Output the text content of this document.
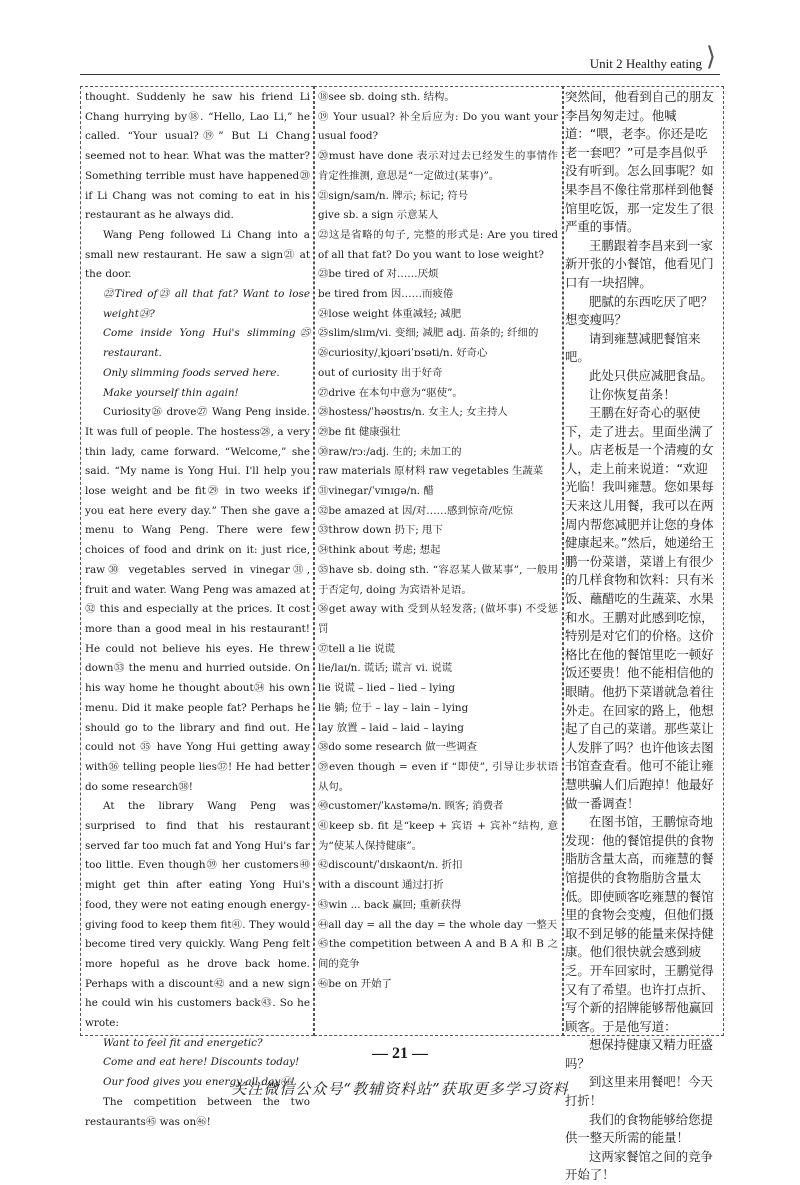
Unit 2 Healthy eating ⟩

thought. Suddenly he saw his friend Li Chang hurrying by⑱. “Hello, Lao Li,” he called. “Your usual?⑲” But Li Chang seemed not to hear. What was the matter? Something terrible must have happened⑳ if Li Chang was not coming to eat in his restaurant as he always did.

Wang Peng followed Li Chang into a small new restaurant. He saw a sign㉑ at the door.

㉒Tired of㉓ all that fat? Want to lose weight㉔?

Come inside Yong Hui's slimming㉕ restaurant.

Only slimming foods served here.

Make yourself thin again!

Curiosity㉖ drove㉗ Wang Peng inside. It was full of people. The hostess㉘, a very thin lady, came forward. “Welcome,” she said. “My name is Yong Hui. I'll help you lose weight and be fit㉙ in two weeks if you eat here every day.” Then she gave a menu to Wang Peng. There were few choices of food and drink on it: just rice, raw㉚ vegetables served in vinegar㉛, fruit and water. Wang Peng was amazed at㉜ this and especially at the prices. It cost more than a good meal in his restaurant! He could not believe his eyes. He threw down㉝ the menu and hurried outside. On his way home he thought about㉞ his own menu. Did it make people fat? Perhaps he should go to the library and find out. He could not ㉟ have Yong Hui getting away with㊱ telling people lies㊲! He had better do some research㊳!

At the library Wang Peng was surprised to find that his restaurant served far too much fat and Yong Hui's far too little. Even though㊴ her customers㊵ might get thin after eating Yong Hui's food, they were not eating enough energy-giving food to keep them fit㊶. They would become tired very quickly. Wang Peng felt more hopeful as he drove back home. Perhaps with a discount㊷ and a new sign he could win his customers back㊸. So he wrote:

Want to feel fit and energetic?

Come and eat here! Discounts today!

Our food gives you energy all day㊹!

The competition between the two restaurants㊺ was on㊻!

⑱see sb. doing sth. 结构。

⑲ Your usual? 补全后应为: Do you want your usual food?

⑳must have done 表示对过去已经发生的事情作肯定性推测, 意思是“一定做过(某事)”。

㉑sign/saɪn/n. 牌示; 标记; 符号

give sb. a sign 示意某人

㉒这是省略的句子, 完整的形式是: Are you tired of all that fat? Do you want to lose weight?

㉓be tired of 对……厌烦

be tired from 因……而疲倦

㉔lose weight 体重减轻; 减肥

㉕slim/slɪm/vi. 变细; 减肥 adj. 苗条的; 纤细的

㉖curiosity/ˌkjʊəriˈɒsəti/n. 好奇心

out of curiosity 出于好奇

㉗drive 在本句中意为“驱使”。

㉘hostess/ˈhəʊstɪs/n. 女主人; 女主持人

㉙be fit 健康强壮

㉚raw/rɔː/adj. 生的; 未加工的

raw materials 原材料 raw vegetables 生蔬菜

㉛vinegar/ˈvɪnɪɡə/n. 醋

㉜be amazed at 因/对……感到惊奇/吃惊

㉝throw down 扔下; 甩下

㉞think about 考虑; 想起

㉟have sb. doing sth. “容忍某人做某事”, 一般用于否定句, doing 为宾语补足语。

㊱get away with 受到从轻发落; (做坏事) 不受惩罚

㊲tell a lie 说谎

lie/laɪ/n. 谎话; 谎言 vi. 说谎

lie 说谎 – lied – lied – lying

lie 躺; 位于 – lay – lain – lying

lay 放置 – laid – laid – laying

㊳do some research 做一些调查

㊴even though = even if “即使”, 引导让步状语从句。

㊵customer/ˈkʌstəmə/n. 顾客; 消费者

㊶keep sb. fit 是“keep + 宾语 + 宾补”结构, 意为“使某人保持健康”。

㊷discount/ˈdɪskaʊnt/n. 折扣

with a discount 通过打折

㊸win ... back 赢回; 重新获得

㊹all day = all the day = the whole day 一整天

㊺the competition between A and B A 和 B 之间的竞争

㊻be on 开始了

突然间，他看到自己的朋友李昌匆匆走过。他喊道：“喂，老李。你还是吃老一套吧？”可是李昌似乎没有听到。怎么回事呢？如果李昌不像往常那样到他餐馆里吃饭，那一定发生了很严重的事情。

王鹏跟着李昌来到一家新开张的小餐馆，他看见门口有一块招牌。

肥腻的东西吃厌了吧？想变瘦吗？

请到雍慧减肥餐馆来吧。

此处只供应减肥食品。

让你恢复苗条！

王鹏在好奇心的驱使下，走了进去。里面坐满了人。店老板是一个清瘦的女人，走上前来说道：“欢迎光临！我叫雍慧。您如果每天来这儿用餐，我可以在两周内帮您减肥并让您的身体健康起来。”然后，她递给王鹏一份菜谱，菜谱上有很少的几样食物和饮料：只有米饭、蘸醋吃的生蔬菜、水果和水。王鹏对此感到吃惊，特别是对它们的价格。这价格比在他的餐馆里吃一顿好饭还要贵！他不能相信他的眼睛。他扔下菜谱就急着往外走。在回家的路上，他想起了自己的菜谱。那些菜让人发胖了吗？也许他该去图书馆查查看。他可不能让雍慧哄骗人们后跑掉！他最好做一番调查！

在图书馆，王鹏惊奇地发现：他的餐馆提供的食物脂肪含量太高，而雍慧的餐馆提供的食物脂肪含量太低。即使顾客吃雍慧的餐馆里的食物会变瘦，但他们摄取不到足够的能量来保持健康。他们很快就会感到疲乏。开车回家时，王鹏觉得又有了希望。也许打点折、写个新的招牌能够帮他赢回顾客。于是他写道：

想保持健康又精力旺盛吗？

到这里来用餐吧！今天打折！

我们的食物能够给您提供一整天所需的能量！

这两家餐馆之间的竞争开始了！

— 21 —
关注微信公众号“教辅资料站”获取更多学习资料
